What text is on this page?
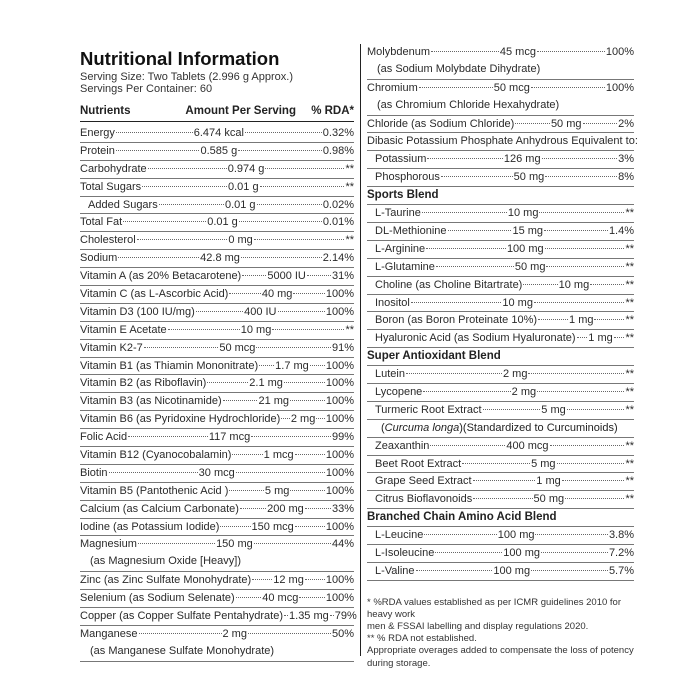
Nutritional Information
Serving Size: Two Tablets (2.996 g Approx.)
Servings Per Container: 60
Nutrients	Amount Per Serving % RDA*
Energy	6.474 kcal	0.32%
Protein	0.585 g	0.98%
Carbohydrate	0.974 g	**
Total Sugars	0.01 g	**
Added Sugars	0.01 g	0.02%
Total Fat	0.01 g	0.01%
Cholesterol	0 mg	**
Sodium	42.8 mg	2.14%
Vitamin A (as 20% Betacarotene) 5000 IU 31%
Vitamin C (as L-Ascorbic Acid)	40 mg	100%
Vitamin D3 (100 IU/mg)	400 IU	100%
Vitamin E Acetate	10 mg	**
Vitamin K2-7	50 mcg	91%
Vitamin B1 (as Thiamin Mononitrate) 1.7 mg 100%
Vitamin B2 (as Riboflavin)	2.1 mg	100%
Vitamin B3 (as Nicotinamide)	21 mg	100%
Vitamin B6 (as Pyridoxine Hydrochloride) 2 mg 100%
Folic Acid	117 mcg	99%
Vitamin B12 (Cyanocobalamin)	1 mcg	100%
Biotin	30 mcg	100%
Vitamin B5 (Pantothenic Acid )	5 mg	100%
Calcium (as Calcium Carbonate)	200 mg	33%
Iodine (as Potassium Iodide)	150 mcg	100%
Magnesium	150 mg	44%
(as Magnesium Oxide [Heavy])
Zinc (as Zinc Sulfate Monohydrate) 12 mg 100%
Selenium (as Sodium Selenate)	40 mcg	100%
Copper (as Copper Sulfate Pentahydrate) 1.35 mg 79%
Manganese	2 mg	50%
(as Manganese Sulfate Monohydrate)
Molybdenum	45 mcg	100%
(as Sodium Molybdate Dihydrate)
Chromium	50 mcg	100%
(as Chromium Chloride Hexahydrate)
Chloride (as Sodium Chloride)	50 mg	2%
Dibasic Potassium Phosphate Anhydrous Equivalent to:
Potassium	126 mg	3%
Phosphorous	50 mg	8%
Sports Blend
L-Taurine	10 mg	**
DL-Methionine	15 mg	1.4%
L-Arginine	100 mg	**
L-Glutamine	50 mg	**
Choline (as Choline Bitartrate)	10 mg	**
Inositol	10 mg	**
Boron (as Boron Proteinate 10%)	1 mg	**
Hyaluronic Acid (as Sodium Hyaluronate) 1 mg **
Super Antioxidant Blend
Lutein	2 mg	**
Lycopene	2 mg	**
Turmeric Root Extract	5 mg	**
(Curcuma longa)(Standardized to Curcuminoids)
Zeaxanthin	400 mcg	**
Beet Root Extract	5 mg	**
Grape Seed Extract	1 mg	**
Citrus Bioflavonoids	50 mg	**
Branched Chain Amino Acid Blend
L-Leucine	100 mg	3.8%
L-Isoleucine	100 mg	7.2%
L-Valine	100 mg	5.7%
* %RDA values established as per ICMR guidelines 2010 for heavy work
men & FSSAI labelling and display regulations 2020.
** % RDA not established.
Appropriate overages added to compensate the loss of potency
during storage.
